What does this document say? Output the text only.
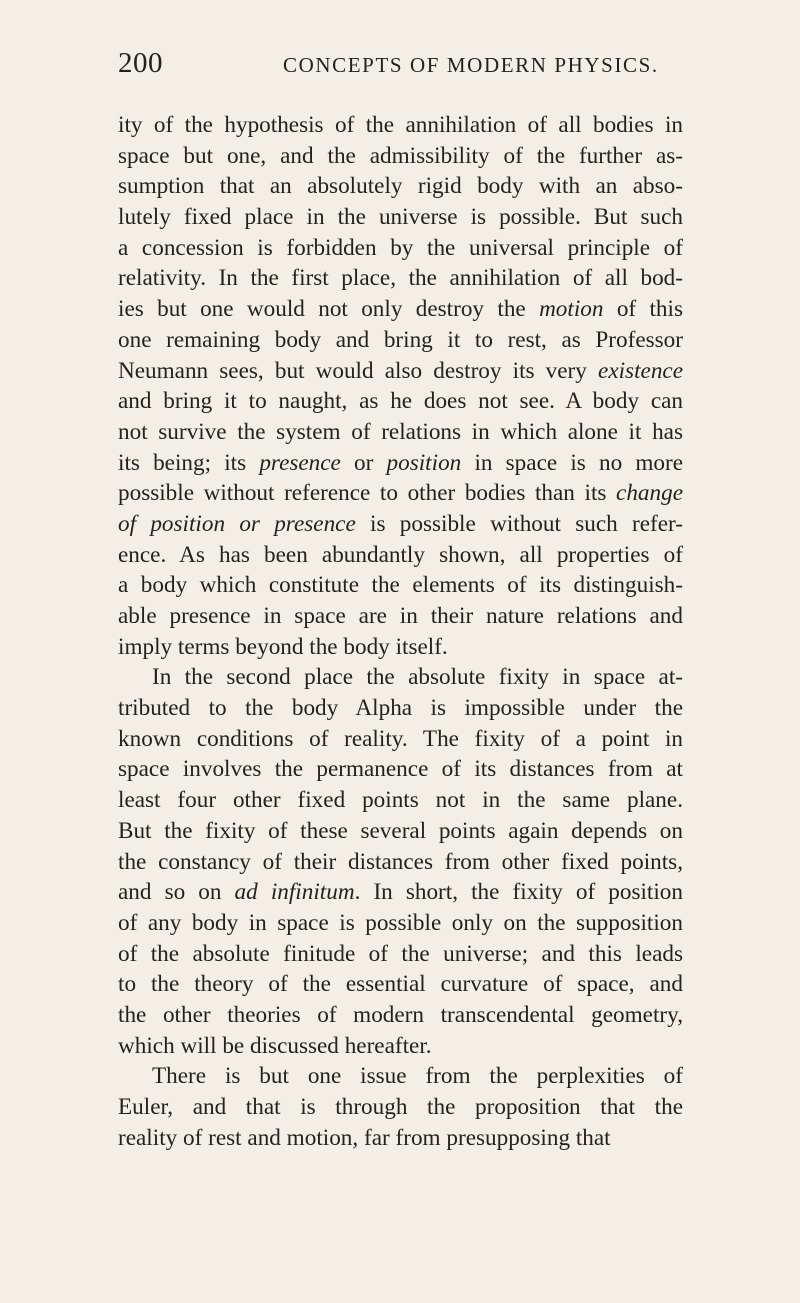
200	CONCEPTS OF MODERN PHYSICS.
ity of the hypothesis of the annihilation of all bodies in
space but one, and the admissibility of the further as-
sumption that an absolutely rigid body with an abso-
lutely fixed place in the universe is possible. But such
a concession is forbidden by the universal principle of
relativity. In the first place, the annihilation of all bod-
ies but one would not only destroy the motion of this
one remaining body and bring it to rest, as Professor
Neumann sees, but would also destroy its very existence
and bring it to naught, as he does not see. A body can
not survive the system of relations in which alone it has
its being; its presence or position in space is no more
possible without reference to other bodies than its change
of position or presence is possible without such refer-
ence. As has been abundantly shown, all properties of
a body which constitute the elements of its distinguish-
able presence in space are in their nature relations and
imply terms beyond the body itself.
In the second place the absolute fixity in space at-
tributed to the body Alpha is impossible under the
known conditions of reality. The fixity of a point in
space involves the permanence of its distances from at
least four other fixed points not in the same plane.
But the fixity of these several points again depends on
the constancy of their distances from other fixed points,
and so on ad infinitum. In short, the fixity of position
of any body in space is possible only on the supposition
of the absolute finitude of the universe; and this leads
to the theory of the essential curvature of space, and
the other theories of modern transcendental geometry,
which will be discussed hereafter.
There is but one issue from the perplexities of
Euler, and that is through the proposition that the
reality of rest and motion, far from presupposing that
